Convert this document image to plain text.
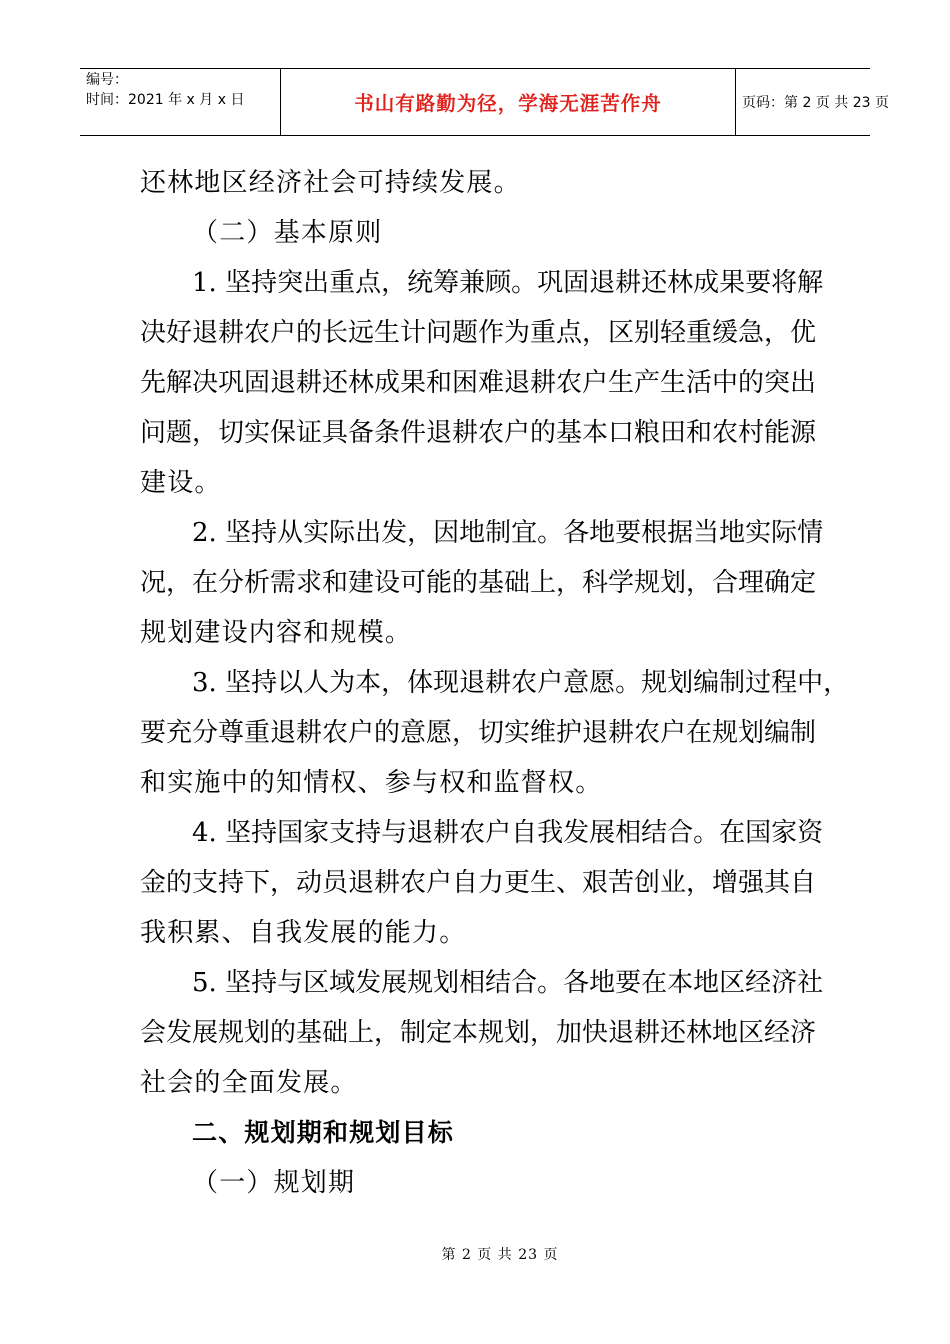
编号：
时间：2021 年 x 月 x 日	书山有路勤为径，学海无涯苦作舟	页码：第 2 页 共 23 页
还林地区经济社会可持续发展。
（二）基本原则
1. 坚持突出重点，统筹兼顾。巩固退耕还林成果要将解
决好退耕农户的长远生计问题作为重点，区别轻重缓急，优
先解决巩固退耕还林成果和困难退耕农户生产生活中的突出
问题，切实保证具备条件退耕农户的基本口粮田和农村能源
建设。
2. 坚持从实际出发，因地制宜。各地要根据当地实际情
况，在分析需求和建设可能的基础上，科学规划，合理确定
规划建设内容和规模。
3. 坚持以人为本，体现退耕农户意愿。规划编制过程中，
要充分尊重退耕农户的意愿，切实维护退耕农户在规划编制
和实施中的知情权、参与权和监督权。
4. 坚持国家支持与退耕农户自我发展相结合。在国家资
金的支持下，动员退耕农户自力更生、艰苦创业，增强其自
我积累、自我发展的能力。
5. 坚持与区域发展规划相结合。各地要在本地区经济社
会发展规划的基础上，制定本规划，加快退耕还林地区经济
社会的全面发展。
二、规划期和规划目标
（一）规划期
第 2 页 共 23 页
